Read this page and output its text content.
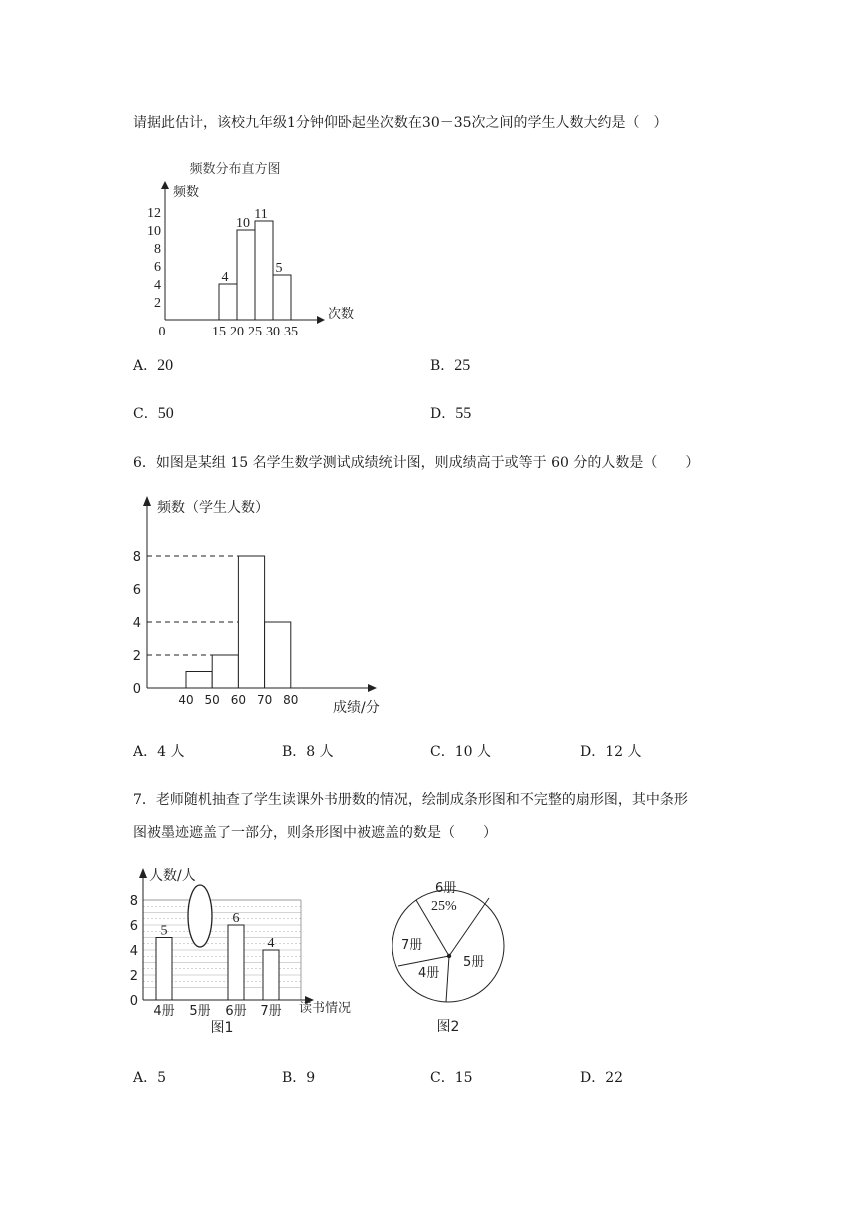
请据此估计，该校九年级1分钟仰卧起坐次数在30－35次之间的学生人数大约是（　）
频数分布直方图
频数
次数
4
10
11
5
0	15 20 25 30 35
2
4
6
8
10
12
A．20	B．25
C．50	D．55
6．如图是某组 15 名学生数学测试成绩统计图，则成绩高于或等于 60 分的人数是（　　）
频数（学生人数）
成绩/分
40 50 60 70 80
0
2
4
6
8
A．4 人	B．8 人	C．10 人	D．12 人
7．老师随机抽查了学生读课外书册数的情况，绘制成条形图和不完整的扇形图，其中条形
图被墨迹遮盖了一部分，则条形图中被遮盖的数是（　　）
人数/人
读书情况
5
4册 5册
6
6册
4
7册
0
2
4
6
8
图1
6册
25%
7册
4册
5册
图2
A．5	B．9	C．15	D．22
